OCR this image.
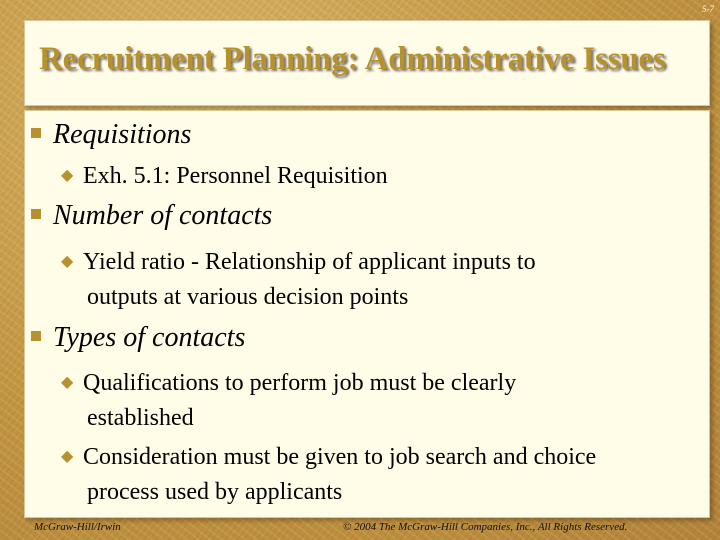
5-7
Recruitment Planning: Administrative Issues
Requisitions
◆ Exh. 5.1: Personnel Requisition
Number of contacts
◆ Yield ratio - Relationship of applicant inputs to
outputs at various decision points
Types of contacts
◆ Qualifications to perform job must be clearly
established
◆ Consideration must be given to job search and choice
process used by applicants
McGraw-Hill/Irwin	© 2004 The McGraw-Hill Companies, Inc., All Rights Reserved.
